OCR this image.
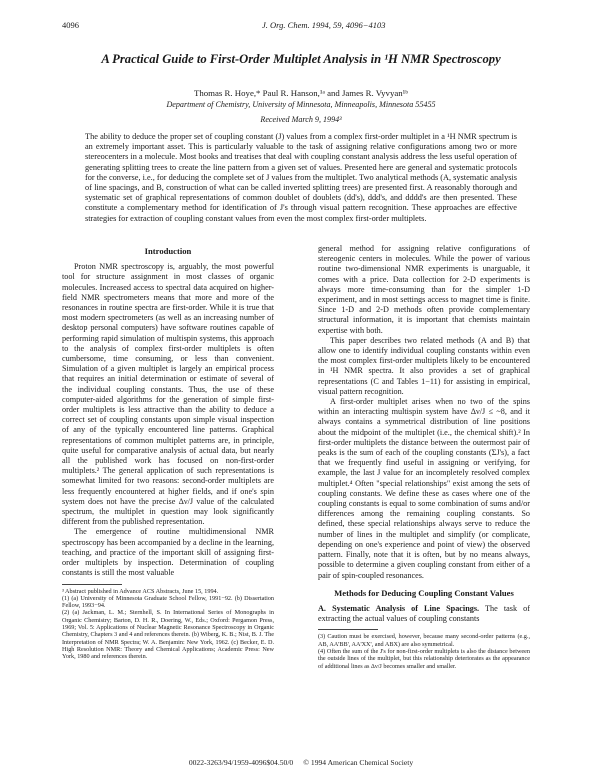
4096	J. Org. Chem. 1994, 59, 4096−4103
A Practical Guide to First-Order Multiplet Analysis in ¹H NMR Spectroscopy
Thomas R. Hoye,* Paul R. Hanson,¹ᵃ and James R. Vyvyan¹ᵇ
Department of Chemistry, University of Minnesota, Minneapolis, Minnesota 55455
Received March 9, 1994³
The ability to deduce the proper set of coupling constant (J) values from a complex first-order multiplet in a ¹H NMR spectrum is an extremely important asset. This is particularly valuable to the task of assigning relative configurations among two or more stereocenters in a molecule. Most books and treatises that deal with coupling constant analysis address the less useful operation of generating splitting trees to create the line pattern from a given set of values. Presented here are general and systematic protocols for the converse, i.e., for deducing the complete set of J values from the multiplet. Two analytical methods (A, systematic analysis of line spacings, and B, construction of what can be called inverted splitting trees) are presented first. A reasonably thorough and systematic set of graphical representations of common doublet of doublets (dd's), ddd's, and dddd's are then presented. These constitute a complementary method for identification of J's through visual pattern recognition. These approaches are effective strategies for extraction of coupling constant values from even the most complex first-order multiplets.
Introduction

Proton NMR spectroscopy is, arguably, the most powerful tool for structure assignment in most classes of organic molecules. Increased access to spectral data acquired on higher-field NMR spectrometers means that more and more of the resonances in routine spectra are first-order. While it is true that most modern spectrometers (as well as an increasing number of desktop personal computers) have software routines capable of performing rapid simulation of multispin systems, this approach to the analysis of complex first-order multiplets is often cumbersome, time consuming, or less than convenient. Simulation of a given multiplet is largely an empirical process that requires an initial determination or estimate of several of the individual coupling constants. Thus, the use of these computer-aided algorithms for the generation of simple first-order multiplets is less attractive than the ability to deduce a correct set of coupling constants upon simple visual inspection of any of the typically encountered line patterns. Graphical representations of common multiplet patterns are, in principle, quite useful for comparative analysis of actual data, but nearly all the published work has focused on non-first-order multiplets.² The general application of such representations is somewhat limited for two reasons: second-order multiplets are less frequently encountered at higher fields, and if one's spin system does not have the precise Δν/J value of the calculated spectrum, the multiplet in question may look significantly different from the published representation.

The emergence of routine multidimensional NMR spectroscopy has been accompanied by a decline in the learning, teaching, and practice of the important skill of assigning first-order multiplets by inspection. Determination of coupling constants is still the most valuable

³ Abstract published in Advance ACS Abstracts, June 15, 1994.

(1) (a) University of Minnesota Graduate School Fellow, 1991−92. (b) Dissertation Fellow, 1993−94.

(2) (a) Jackman, L. M.; Sternhell, S. In International Series of Monographs in Organic Chemistry; Barton, D. H. R., Doering, W., Eds.; Oxford: Pergamon Press, 1969; Vol. 5: Applications of Nuclear Magnetic Resonance Spectroscopy in Organic Chemistry, Chapters 3 and 4 and references therein. (b) Wiberg, K. B.; Nist, B. J. The Interpretation of NMR Spectra; W. A. Benjamin: New York, 1962. (c) Becker, E. D. High Resolution NMR: Theory and Chemical Applications; Academic Press: New York, 1980 and references therein.

general method for assigning relative configurations of stereogenic centers in molecules. While the power of various routine two-dimensional NMR experiments is unarguable, it comes with a price. Data collection for 2-D experiments is always more time-consuming than for the simpler 1-D experiment, and in most settings access to magnet time is finite. Since 1-D and 2-D methods often provide complementary structural information, it is important that chemists maintain expertise with both.

This paper describes two related methods (A and B) that allow one to identify individual coupling constants within even the most complex first-order multiplets likely to be encountered in ¹H NMR spectra. It also provides a set of graphical representations (C and Tables 1−11) for assisting in empirical, visual pattern recognition.

A first-order multiplet arises when no two of the spins within an interacting multispin system have Δν/J ≤ ~8, and it always contains a symmetrical distribution of line positions about the midpoint of the multiplet (i.e., the chemical shift).² In first-order multiplets the distance between the outermost pair of peaks is the sum of each of the coupling constants (ΣJ's), a fact that we frequently find useful in assigning or verifying, for example, the last J value for an incompletely resolved complex multiplet.⁴ Often "special relationships" exist among the sets of coupling constants. We define these as cases where one of the coupling constants is equal to some combination of sums and/or differences among the remaining coupling constants. So defined, these special relationships always serve to reduce the number of lines in the multiplet and simplify (or complicate, depending on one's experience and point of view) the observed pattern. Finally, note that it is often, but by no means always, possible to determine a given coupling constant from either of a pair of spin-coupled resonances.

Methods for Deducing Coupling Constant Values

A. Systematic Analysis of Line Spacings. The task of extracting the actual values of coupling constants

(3) Caution must be exercised, however, because many second-order patterns (e.g., AB, AA'BB', AA'XX', and ABX) are also symmetrical.

(4) Often the sum of the J's for non-first-order multiplets is also the distance between the outside lines of the multiplet, but this relationship deteriorates as the appearance of additional lines as Δν/J becomes smaller and smaller.

0022-3263/94/1959-4096$04.50/0 © 1994 American Chemical Society
